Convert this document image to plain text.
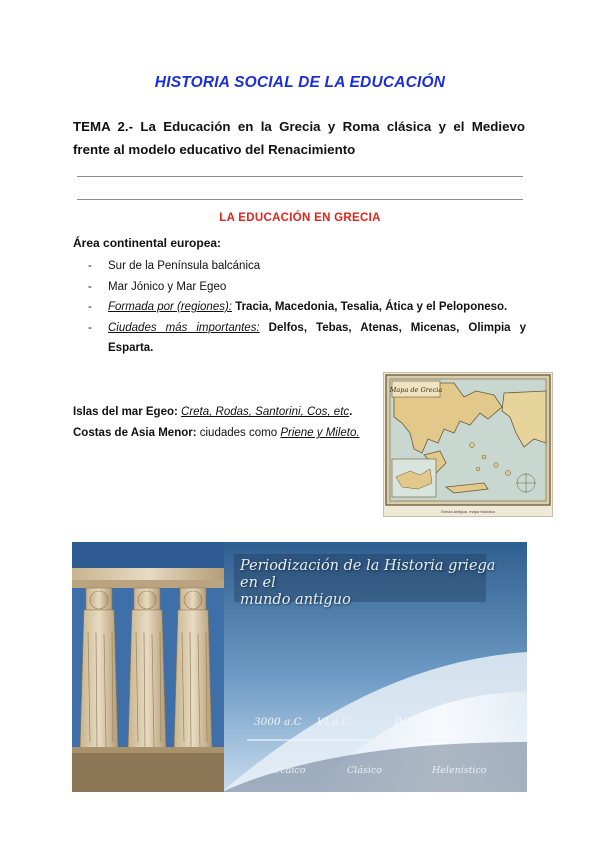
HISTORIA SOCIAL DE LA EDUCACIÓN
TEMA 2.- La Educación en la Grecia y Roma clásica y el Medievo
frente al modelo educativo del Renacimiento
LA EDUCACIÓN EN GRECIA
Área continental europea:
- Sur de la Península balcánica
- Mar Jónico y Mar Egeo
- Formada por (regiones): Tracia, Macedonia, Tesalia, Ática y el Peloponeso.
- Ciudades más importantes: Delfos, Tebas, Atenas, Micenas, Olimpia y Esparta.
Islas del mar Egeo: Creta, Rodas, Santorini, Cos, etc.
Costas de Asia Menor: ciudades como Priene y Mileto.
Mapa de Grecia
Grecia Antigua, mapa histórico
Periodización de la Historia griega en el
mundo antiguo
3000 a.C VI a.C	IV a.C	II. a. C
Arcaico	Clásico	Helenístico
